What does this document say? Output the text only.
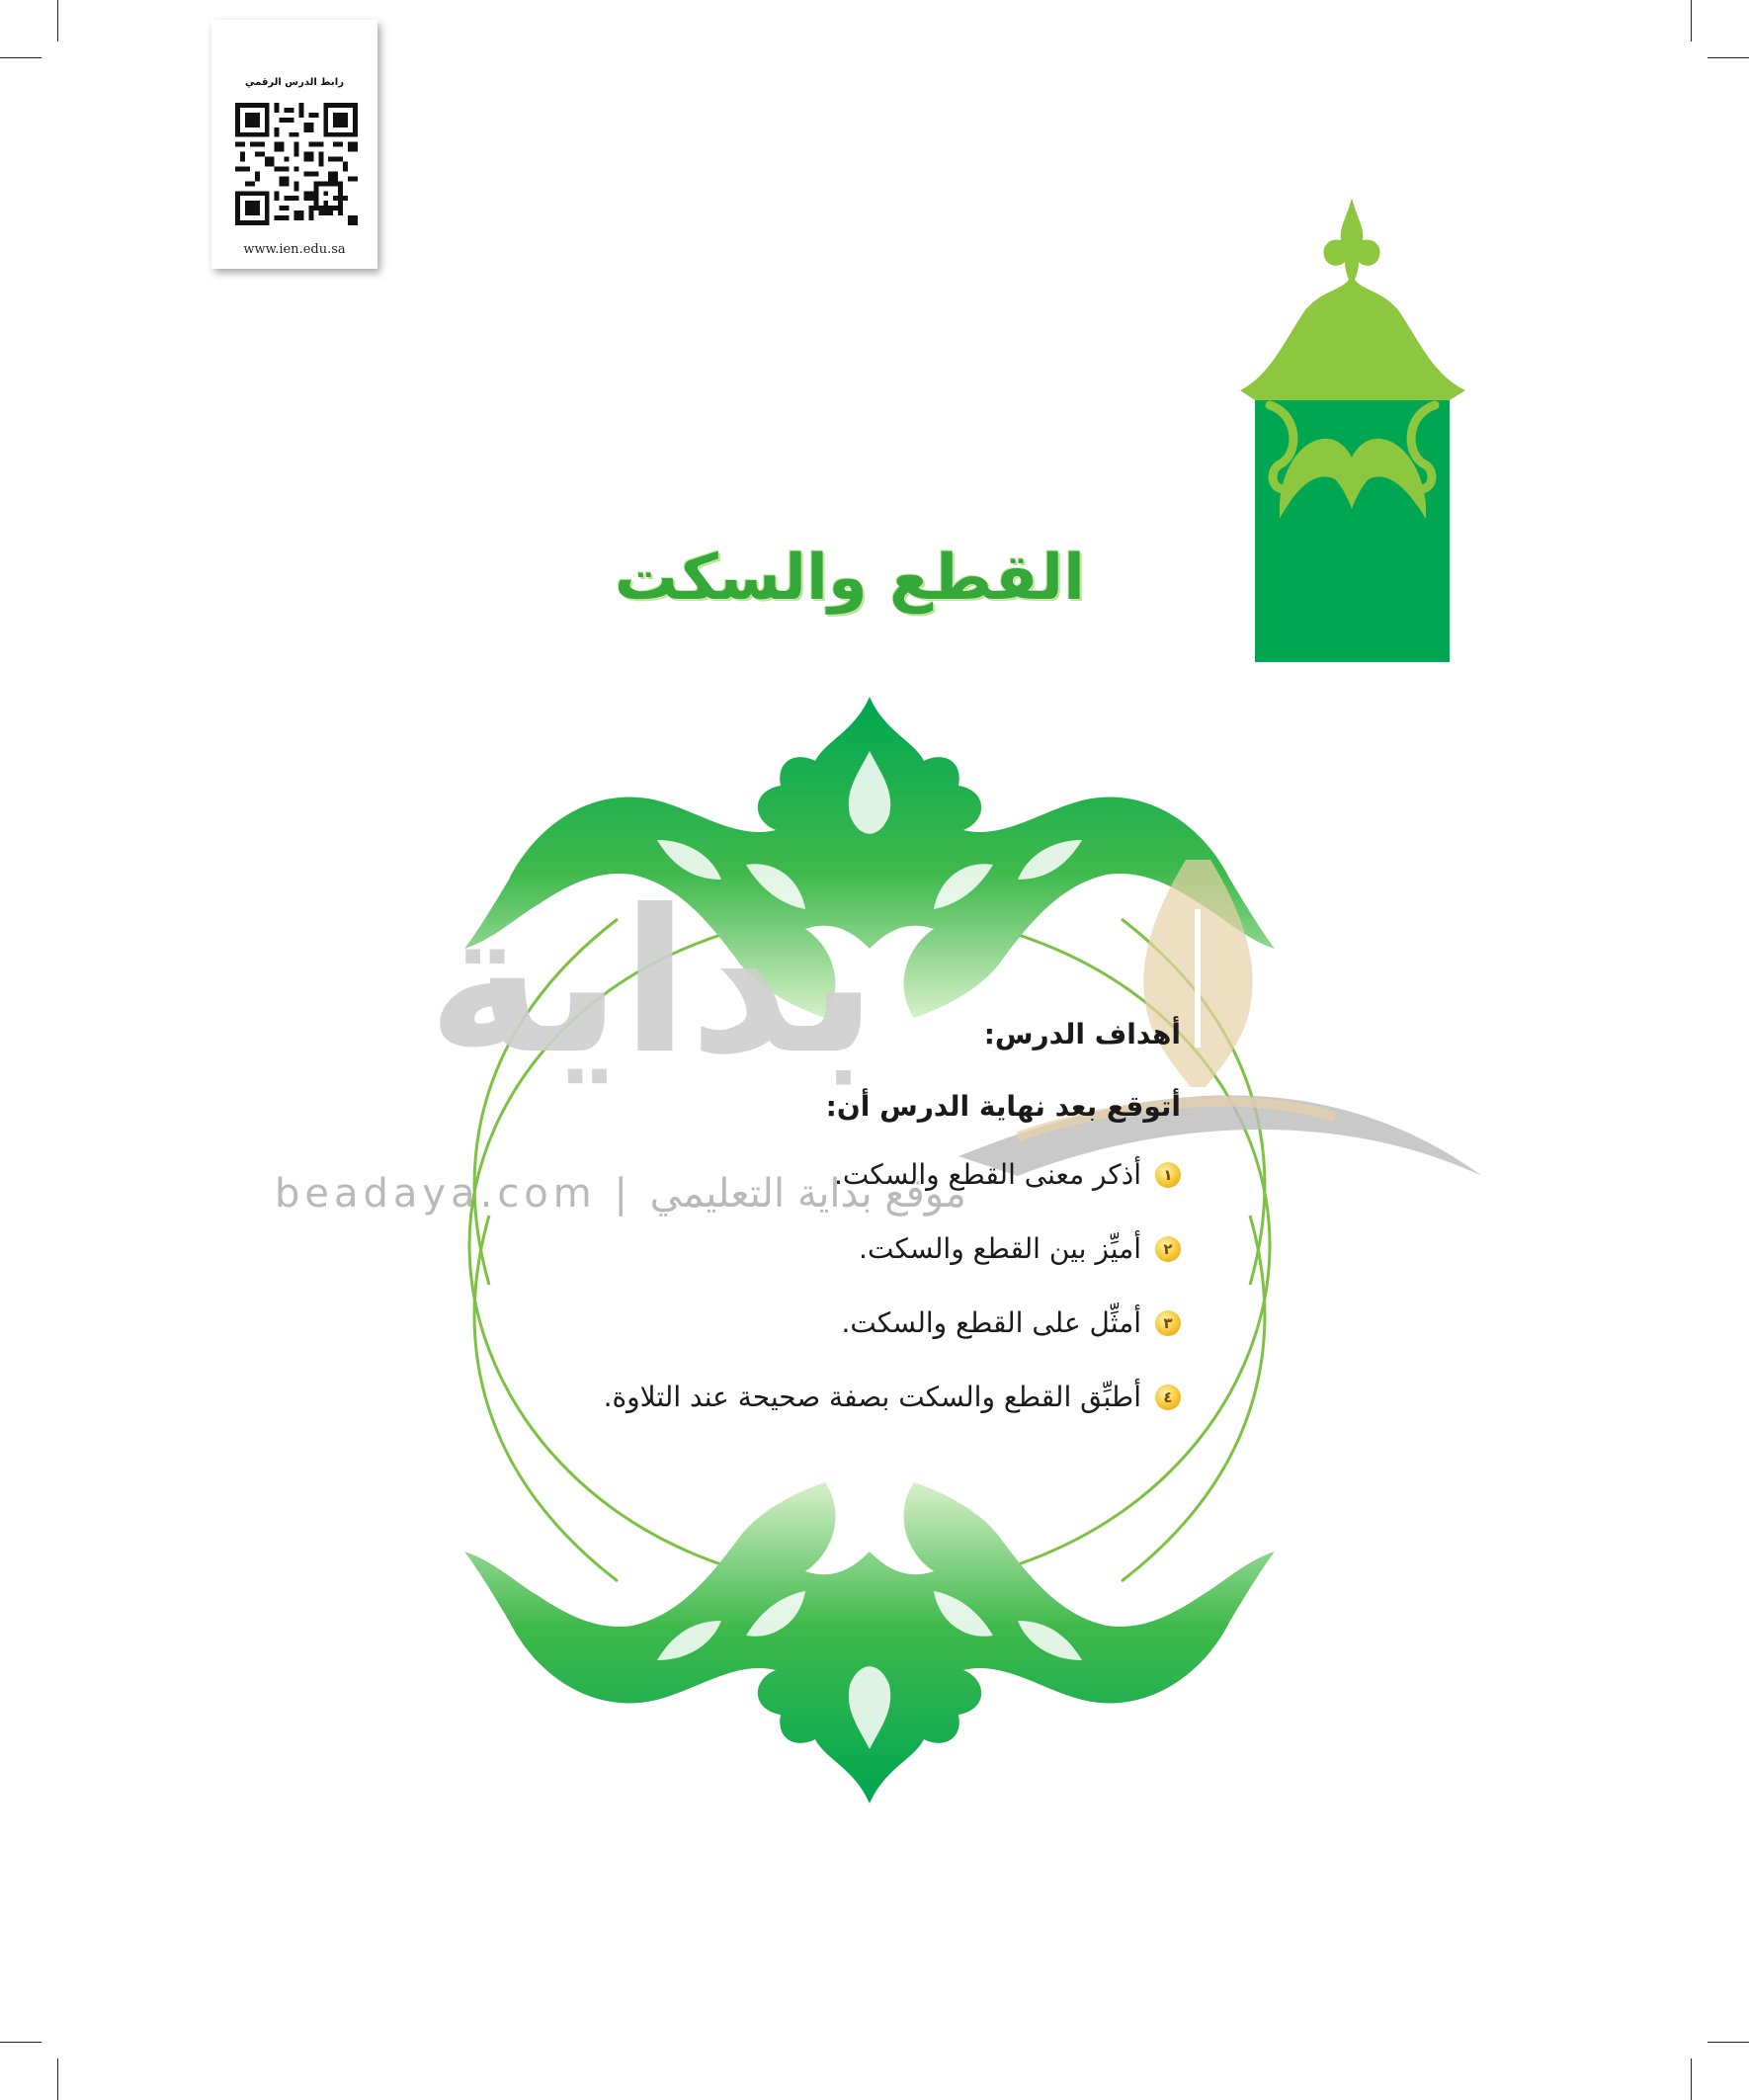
رابط الدرس الرقمي
www.ien.edu.sa
القطع والسكت
بداية
beadaya.com | موقع بداية التعليمي
أهداف الدرس:
أتوقع بعد نهاية الدرس أن:
١
أذكر معنى القطع والسكت.
٢
أميِّز بين القطع والسكت.
٣
أمثِّل على القطع والسكت.
٤
أطبِّق القطع والسكت بصفة صحيحة عند التلاوة.
